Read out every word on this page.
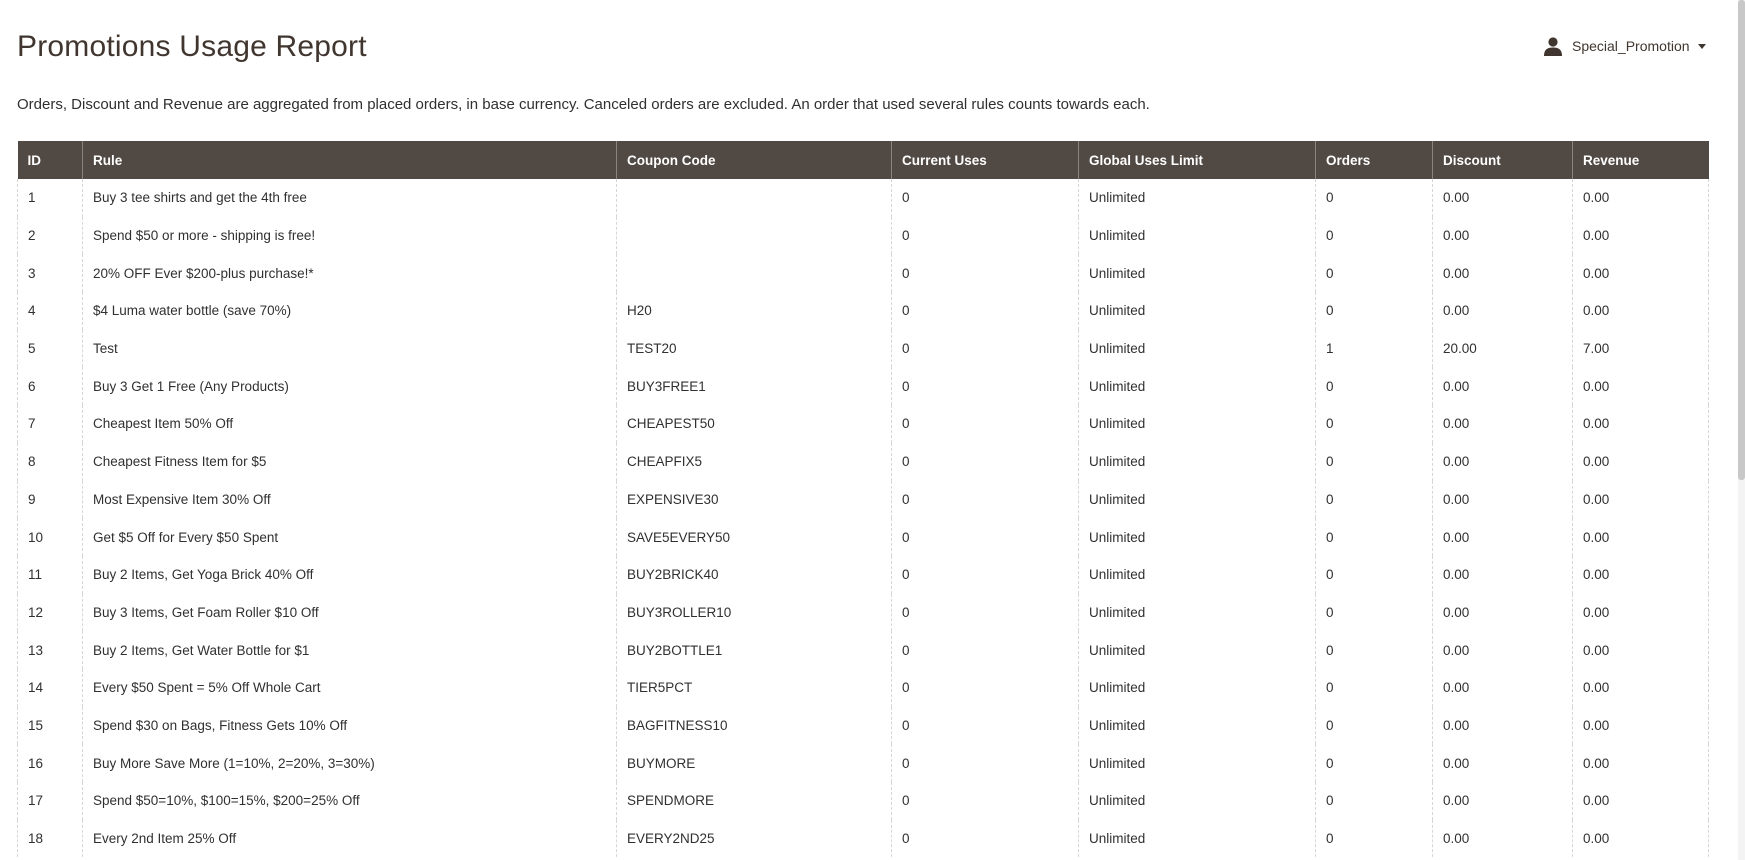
Promotions Usage Report	Special_Promotion

Orders, Discount and Revenue are aggregated from placed orders, in base currency. Canceled orders are excluded. An order that used several rules counts towards each.

ID	Rule	Coupon Code	Current Uses	Global Uses Limit	Orders	Discount	Revenue
1	Buy 3 tee shirts and get the 4th free		0	Unlimited	0	0.00	0.00
2	Spend $50 or more - shipping is free!		0	Unlimited	0	0.00	0.00
3	20% OFF Ever $200-plus purchase!*		0	Unlimited	0	0.00	0.00
4	$4 Luma water bottle (save 70%)	H20	0	Unlimited	0	0.00	0.00
5	Test	TEST20	0	Unlimited	1	20.00	7.00
6	Buy 3 Get 1 Free (Any Products)	BUY3FREE1	0	Unlimited	0	0.00	0.00
7	Cheapest Item 50% Off	CHEAPEST50	0	Unlimited	0	0.00	0.00
8	Cheapest Fitness Item for $5	CHEAPFIX5	0	Unlimited	0	0.00	0.00
9	Most Expensive Item 30% Off	EXPENSIVE30	0	Unlimited	0	0.00	0.00
10	Get $5 Off for Every $50 Spent	SAVE5EVERY50	0	Unlimited	0	0.00	0.00
11	Buy 2 Items, Get Yoga Brick 40% Off	BUY2BRICK40	0	Unlimited	0	0.00	0.00
12	Buy 3 Items, Get Foam Roller $10 Off	BUY3ROLLER10	0	Unlimited	0	0.00	0.00
13	Buy 2 Items, Get Water Bottle for $1	BUY2BOTTLE1	0	Unlimited	0	0.00	0.00
14	Every $50 Spent = 5% Off Whole Cart	TIER5PCT	0	Unlimited	0	0.00	0.00
15	Spend $30 on Bags, Fitness Gets 10% Off	BAGFITNESS10	0	Unlimited	0	0.00	0.00
16	Buy More Save More (1=10%, 2=20%, 3=30%)	BUYMORE	0	Unlimited	0	0.00	0.00
17	Spend $50=10%, $100=15%, $200=25% Off	SPENDMORE	0	Unlimited	0	0.00	0.00
18	Every 2nd Item 25% Off	EVERY2ND25	0	Unlimited	0	0.00	0.00
